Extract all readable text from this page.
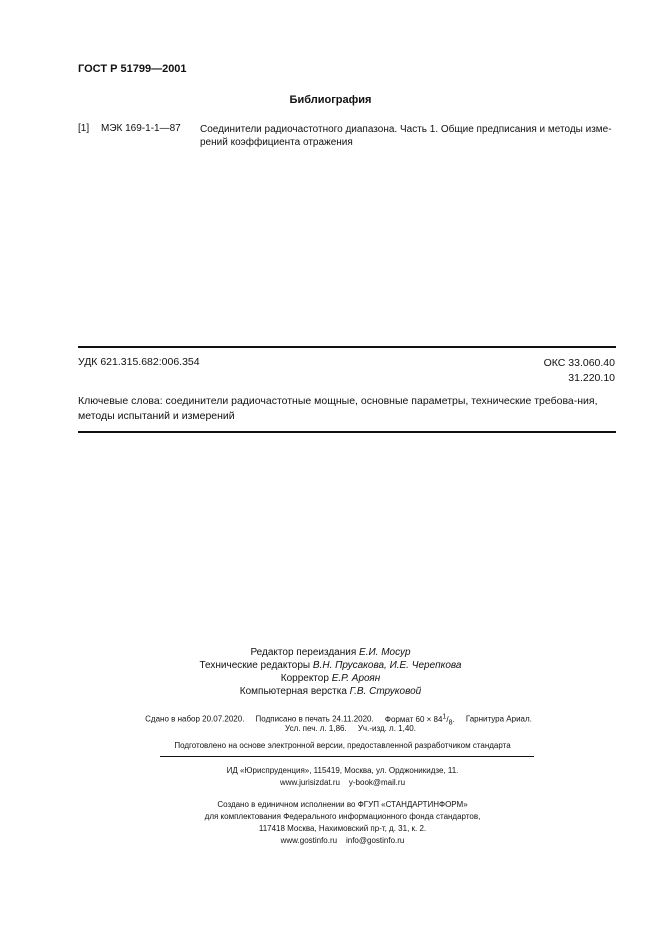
ГОСТ Р 51799—2001
Библиография
[1] МЭК 169-1-1—87 Соединители радиочастотного диапазона. Часть 1. Общие предписания и методы изме-рений коэффициента отражения
УДК 621.315.682:006.354	ОКС 33.060.40
31.220.10
Ключевые слова: соединители радиочастотные мощные, основные параметры, технические требова-ния, методы испытаний и измерений
Редактор переиздания Е.И. Мосур
Технические редакторы В.Н. Прусакова, И.Е. Черепкова
Корректор Е.Р. Ароян
Компьютерная верстка Г.В. Струковой
Сдано в набор 20.07.2020. Подписано в печать 24.11.2020. Формат $60 \times 84^1/_8$. Гарнитура Ариал.
Усл. печ. л. 1,86. Уч.-изд. л. 1,40.
Подготовлено на основе электронной версии, предоставленной разработчиком стандарта
ИД «Юриспруденция», 115419, Москва, ул. Орджоникидзе, 11.
www.jurisizdat.ru y-book@mail.ru
Создано в единичном исполнении во ФГУП «СТАНДАРТИНФОРМ»
для комплектования Федерального информационного фонда стандартов,
117418 Москва, Нахимовский пр-т, д. 31, к. 2.
www.gostinfo.ru info@gostinfo.ru
